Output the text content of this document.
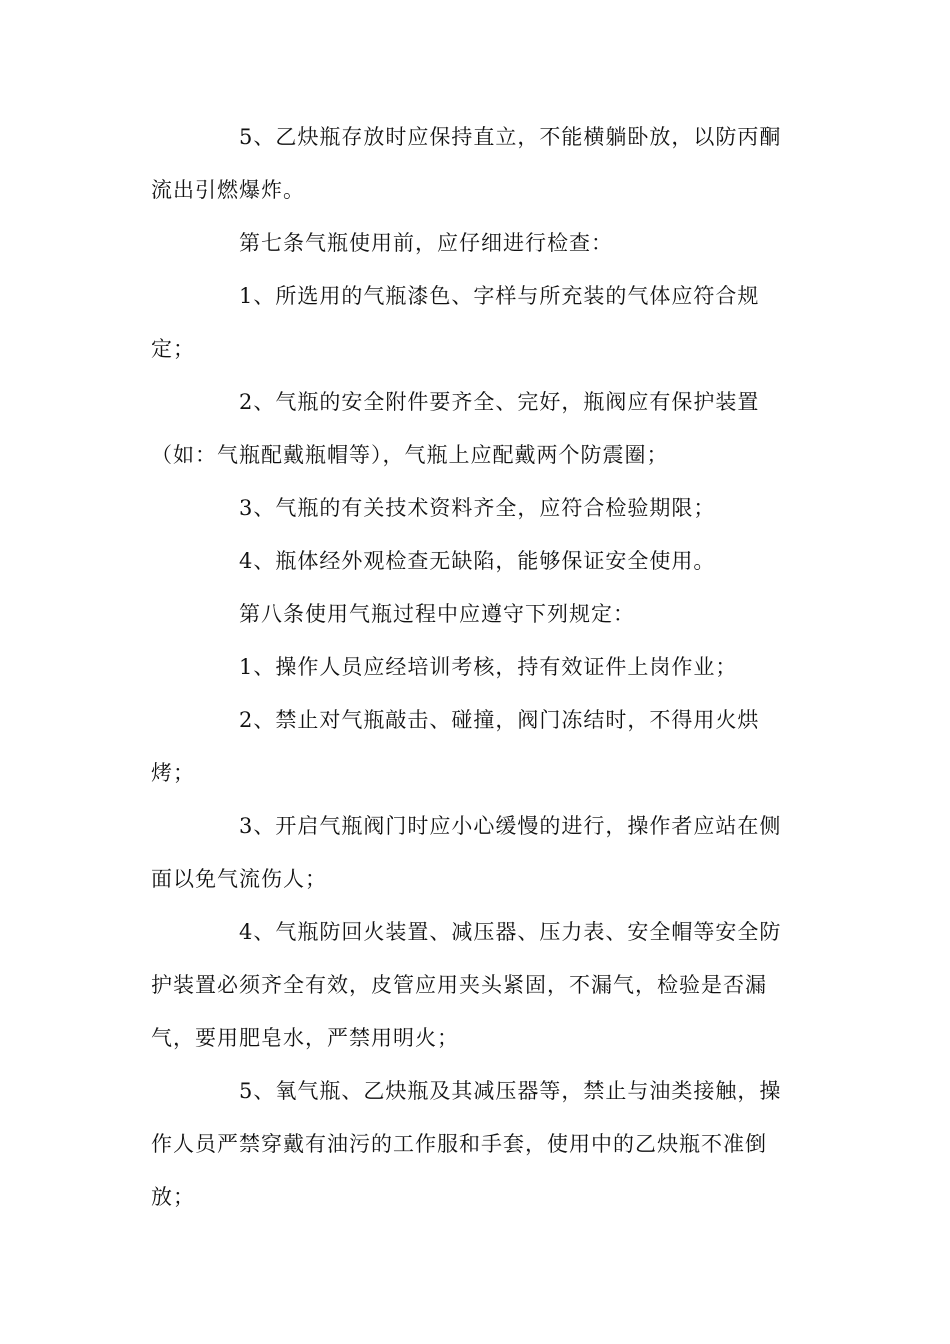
5、乙炔瓶存放时应保持直立，不能横躺卧放，以防丙酮流出引燃爆炸。

第七条气瓶使用前，应仔细进行检查：

1、所选用的气瓶漆色、字样与所充装的气体应符合规定；

2、气瓶的安全附件要齐全、完好，瓶阀应有保护装置（如：气瓶配戴瓶帽等），气瓶上应配戴两个防震圈；

3、气瓶的有关技术资料齐全，应符合检验期限；

4、瓶体经外观检查无缺陷，能够保证安全使用。

第八条使用气瓶过程中应遵守下列规定：

1、操作人员应经培训考核，持有效证件上岗作业；

2、禁止对气瓶敲击、碰撞，阀门冻结时，不得用火烘烤；

3、开启气瓶阀门时应小心缓慢的进行，操作者应站在侧面以免气流伤人；

4、气瓶防回火装置、减压器、压力表、安全帽等安全防护装置必须齐全有效，皮管应用夹头紧固，不漏气，检验是否漏气，要用肥皂水，严禁用明火；

5、氧气瓶、乙炔瓶及其减压器等，禁止与油类接触，操作人员严禁穿戴有油污的工作服和手套，使用中的乙炔瓶不准倒放；
